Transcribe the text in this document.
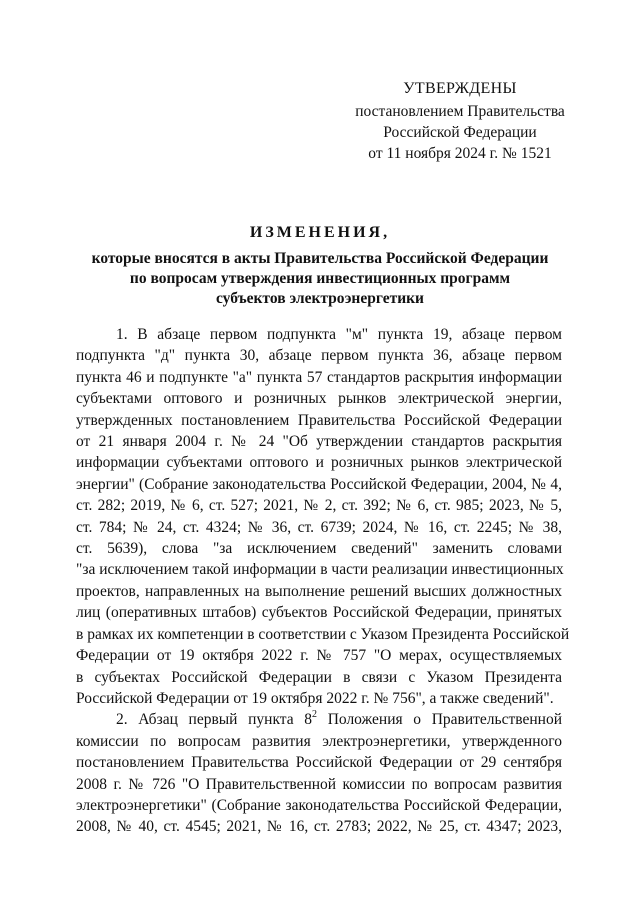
УТВЕРЖДЕНЫ
постановлением Правительства
Российской Федерации
от 11 ноября 2024 г. № 1521
ИЗМЕНЕНИЯ,
которые вносятся в акты Правительства Российской Федерации
по вопросам утверждения инвестиционных программ
субъектов электроэнергетики

1. В абзаце первом подпункта "м" пункта 19, абзаце первом
подпункта "д" пункта 30, абзаце первом пункта 36, абзаце первом
пункта 46 и подпункте "а" пункта 57 стандартов раскрытия информации
субъектами оптового и розничных рынков электрической энергии,
утвержденных постановлением Правительства Российской Федерации
от 21 января 2004 г. № 24 "Об утверждении стандартов раскрытия
информации субъектами оптового и розничных рынков электрической
энергии" (Собрание законодательства Российской Федерации, 2004, № 4,
ст. 282; 2019, № 6, ст. 527; 2021, № 2, ст. 392; № 6, ст. 985; 2023, № 5,
ст. 784; № 24, ст. 4324; № 36, ст. 6739; 2024, № 16, ст. 2245; № 38,
ст. 5639), слова "за исключением сведений" заменить словами
"за исключением такой информации в части реализации инвестиционных
проектов, направленных на выполнение решений высших должностных
лиц (оперативных штабов) субъектов Российской Федерации, принятых
в рамках их компетенции в соответствии с Указом Президента Российской
Федерации от 19 октября 2022 г. № 757 "О мерах, осуществляемых
в субъектах Российской Федерации в связи с Указом Президента
Российской Федерации от 19 октября 2022 г. № 756", а также сведений".

2. Абзац первый пункта $8^2$ Положения о Правительственной
комиссии по вопросам развития электроэнергетики, утвержденного
постановлением Правительства Российской Федерации от 29 сентября
2008 г. № 726 "О Правительственной комиссии по вопросам развития
электроэнергетики" (Собрание законодательства Российской Федерации,
2008, № 40, ст. 4545; 2021, № 16, ст. 2783; 2022, № 25, ст. 4347; 2023,
